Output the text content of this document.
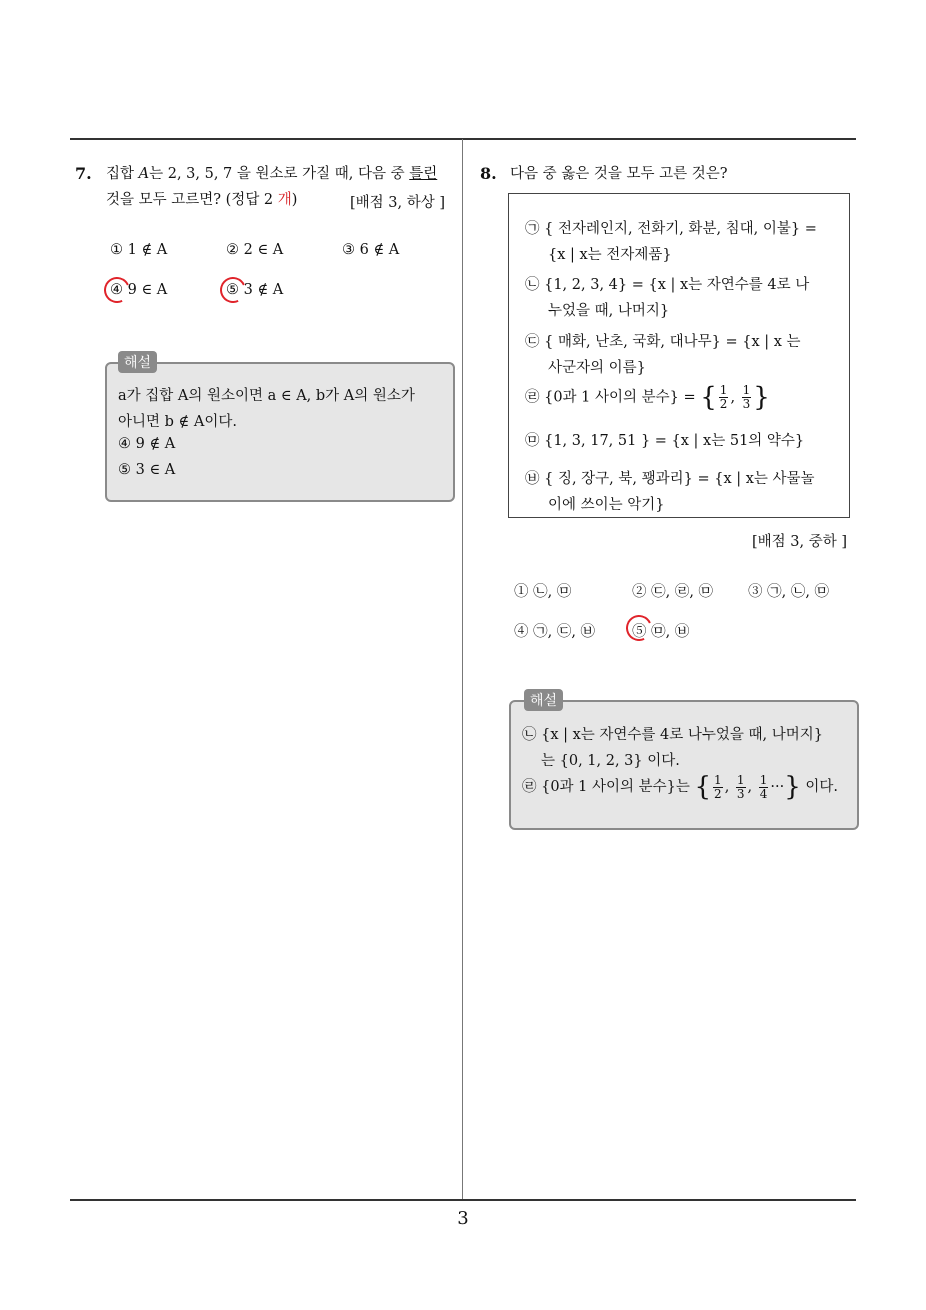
7. 집합 A는 2, 3, 5, 7 을 원소로 가질 때, 다음 중 틀린
것을 모두 고르면? (정답 2 개)	[배점 3, 하상 ]
① 1 ∉ A	② 2 ∈ A	③ 6 ∉ A
④ 9 ∈ A	⑤ 3 ∉ A
해설
a가 집합 A의 원소이면 a ∈ A, b가 A의 원소가
아니면 b ∉ A이다.
④ 9 ∉ A
⑤ 3 ∈ A
8. 다음 중 옳은 것을 모두 고른 것은?
㉠ { 전자레인지, 전화기, 화분, 침대, 이불} =
{x | x는 전자제품}
㉡ {1, 2, 3, 4} = {x | x는 자연수를 4로 나
누었을 때, 나머지}
㉢ { 매화, 난초, 국화, 대나무} = {x | x 는
사군자의 이름}
㉣ {0과 1 사이의 분수} = { $\frac{1}{2}$ , $\frac{1}{3}$ }
㉤ {1, 3, 17, 51 } = {x | x는 51의 약수}
㉥ { 징, 장구, 북, 꽹과리} = {x | x는 사물놀
이에 쓰이는 악기}
[배점 3, 중하 ]
① ㉡, ㉤	② ㉢, ㉣, ㉤ ③ ㉠, ㉡, ㉤
④ ㉠, ㉢, ㉥	⑤ ㉤, ㉥
해설
㉡ {x | x는 자연수를 4로 나누었을 때, 나머지}
는 {0, 1, 2, 3} 이다.
㉣ {0과 1 사이의 분수}는 { $\frac{1}{2}$ , $\frac{1}{3}$ , $\frac{1}{4}$ ···} 이다.
3
